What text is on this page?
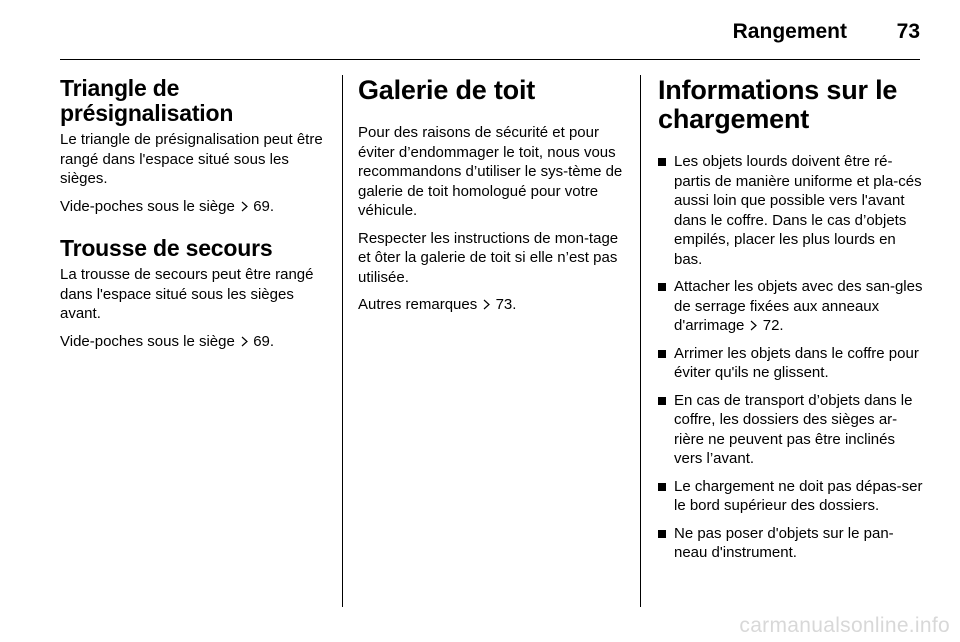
Rangement 73
Triangle de
présignalisation

Le triangle de présignalisation peut être rangé dans l'espace situé sous les sièges.

Vide-poches sous le siège 69.

Trousse de secours

La trousse de secours peut être rangé dans l'espace situé sous les sièges avant.

Vide-poches sous le siège 69.

Galerie de toit

Pour des raisons de sécurité et pour éviter d’endommager le toit, nous vous recommandons d’utiliser le sys-tème de galerie de toit homologué pour votre véhicule.

Respecter les instructions de mon-tage et ôter la galerie de toit si elle n’est pas utilisée.

Autres remarques 73.

Informations sur le
chargement
Les objets lourds doivent être ré-partis de manière uniforme et pla-cés aussi loin que possible vers l'avant dans le coffre. Dans le cas d’objets empilés, placer les plus lourds en bas.
Attacher les objets avec des san-gles de serrage fixées aux anneaux d'arrimage 72.
Arrimer les objets dans le coffre pour éviter qu'ils ne glissent.
En cas de transport d’objets dans le coffre, les dossiers des sièges ar-rière ne peuvent pas être inclinés vers l’avant.
Le chargement ne doit pas dépas-ser le bord supérieur des dossiers.
Ne pas poser d'objets sur le pan-neau d'instrument.
carmanualsonline.info
